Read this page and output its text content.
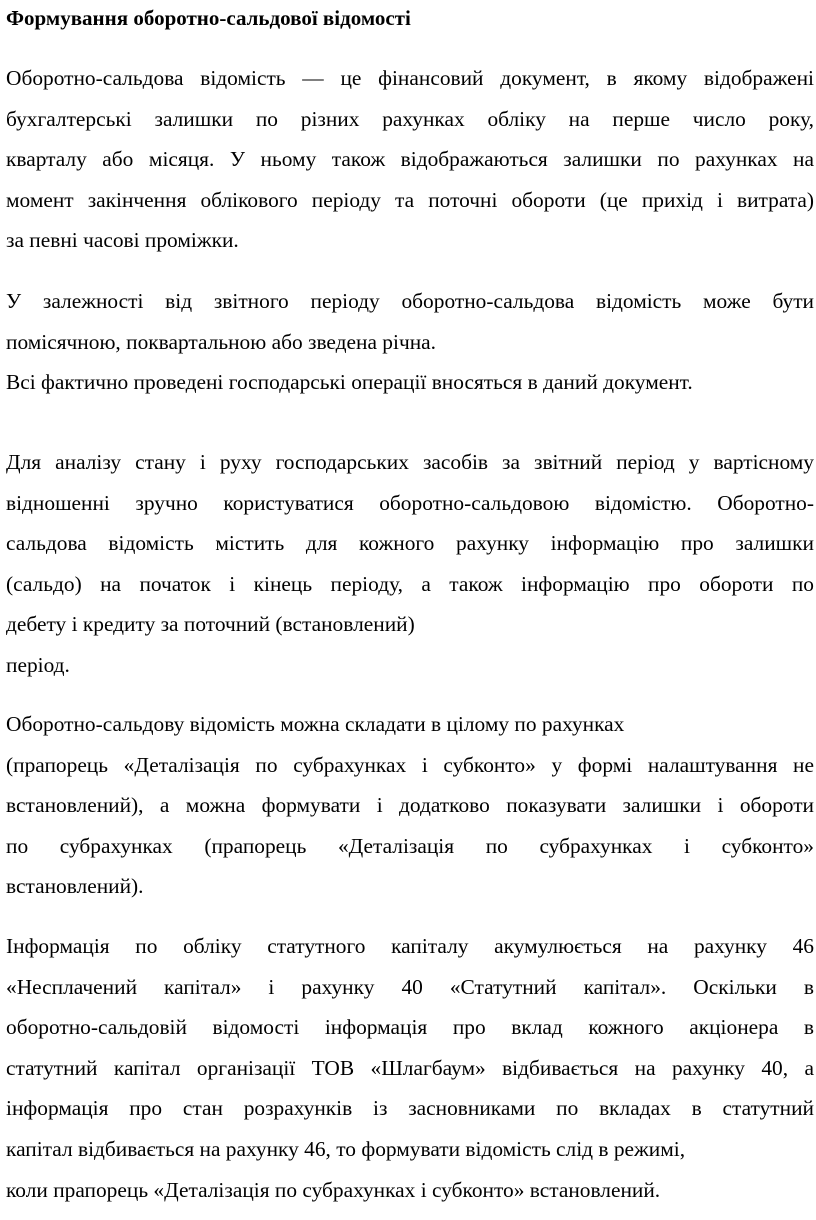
Формування оборотно-сальдової відомості
Оборотно-сальдова відомість — це фінансовий документ, в якому відображені
бухгалтерські залишки по різних рахунках обліку на перше число року,
кварталу або місяця. У ньому також відображаються залишки по рахунках на
момент закінчення облікового періоду та поточні обороти (це прихід і витрата)
за певні часові проміжки.
У залежності від звітного періоду оборотно-сальдова відомість може бути
помісячною, поквартальною або зведена річна.
Всі фактично проведені господарські операції вносяться в даний документ.
Для аналізу стану і руху господарських засобів за звітний період у вартісному
відношенні зручно користуватися оборотно-сальдовою відомістю. Оборотно-
сальдова відомість містить для кожного рахунку інформацію про залишки
(сальдо) на початок і кінець періоду, а також інформацію про обороти по
дебету і кредиту за поточний (встановлений)
період.
Оборотно-сальдову відомість можна складати в цілому по рахунках
(прапорець «Деталізація по субрахунках і субконто» у формі налаштування не
встановлений), а можна формувати і додатково показувати залишки і обороти
по субрахунках (прапорець «Деталізація по субрахунках і субконто»
встановлений).
Інформація по обліку статутного капіталу акумулюється на рахунку 46
«Несплачений капітал» і рахунку 40 «Статутний капітал». Оскільки в
оборотно-сальдовій відомості інформація про вклад кожного акціонера в
статутний капітал організації ТОВ «Шлагбаум» відбивається на рахунку 40, а
інформація про стан розрахунків із засновниками по вкладах в статутний
капітал відбивається на рахунку 46, то формувати відомість слід в режимі,
коли прапорець «Деталізація по субрахунках і субконто» встановлений.
